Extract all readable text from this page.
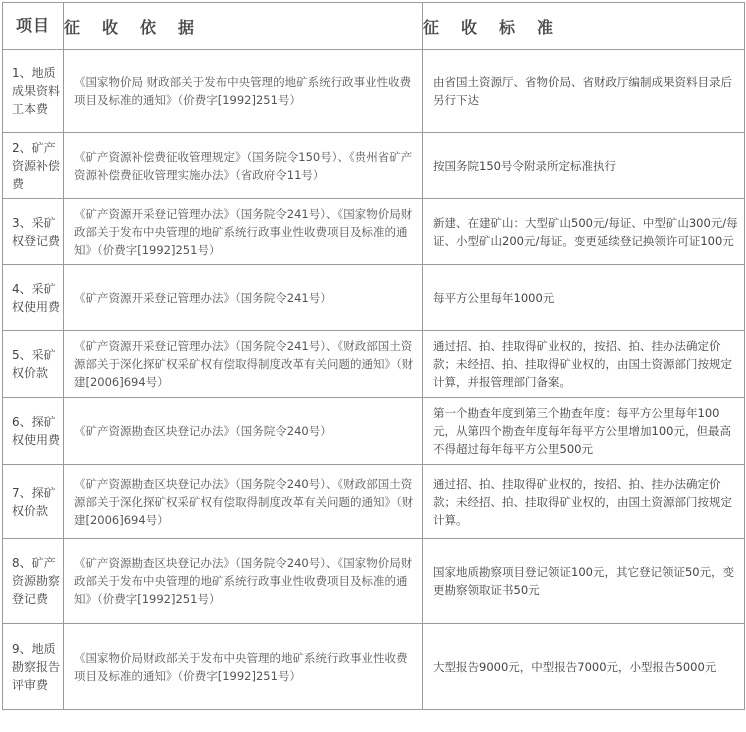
项目	征收依据	征收标准
1、地质成果资料工本费	《国家物价局 财政部关于发布中央管理的地矿系统行政事业性收费项目及标准的通知》（价费字[1992]251号）	由省国土资源厅、省物价局、省财政厅编制成果资料目录后另行下达
2、矿产资源补偿费	《矿产资源补偿费征收管理规定》（国务院令150号）、《贵州省矿产资源补偿费征收管理实施办法》（省政府令11号）	按国务院150号令附录所定标准执行
3、采矿权登记费	《矿产资源开采登记管理办法》（国务院令241号）、《国家物价局财政部关于发布中央管理的地矿系统行政事业性收费项目及标准的通知》（价费字[1992]251号）	新建、在建矿山：大型矿山500元/每证、中型矿山300元/每证、小型矿山200元/每证。变更延续登记换领许可证100元
4、采矿权使用费	《矿产资源开采登记管理办法》（国务院令241号）	每平方公里每年1000元
5、采矿权价款	《矿产资源开采登记管理办法》（国务院令241号）、《财政部国土资源部关于深化探矿权采矿权有偿取得制度改革有关问题的通知》（财建[2006]694号）	通过招、拍、挂取得矿业权的，按招、拍、挂办法确定价款；未经招、拍、挂取得矿业权的，由国土资源部门按规定计算，并报管理部门备案。
6、探矿权使用费	《矿产资源勘查区块登记办法》（国务院令240号）	第一个勘查年度到第三个勘查年度：每平方公里每年100元，从第四个勘查年度每年每平方公里增加100元，但最高不得超过每年每平方公里500元
7、探矿权价款	《矿产资源勘查区块登记办法》（国务院令240号）、《财政部国土资源部关于深化探矿权采矿权有偿取得制度改革有关问题的通知》（财建[2006]694号）	通过招、拍、挂取得矿业权的，按招、拍、挂办法确定价款；未经招、拍、挂取得矿业权的，由国土资源部门按规定计算。
8、矿产资源勘察登记费	《矿产资源勘查区块登记办法》（国务院令240号）、《国家物价局财政部关于发布中央管理的地矿系统行政事业性收费项目及标准的通知》（价费字[1992]251号）	国家地质勘察项目登记领证100元，其它登记领证50元，变更勘察领取证书50元
9、地质勘察报告评审费	《国家物价局财政部关于发布中央管理的地矿系统行政事业性收费项目及标准的通知》（价费字[1992]251号）	大型报告9000元，中型报告7000元，小型报告5000元
